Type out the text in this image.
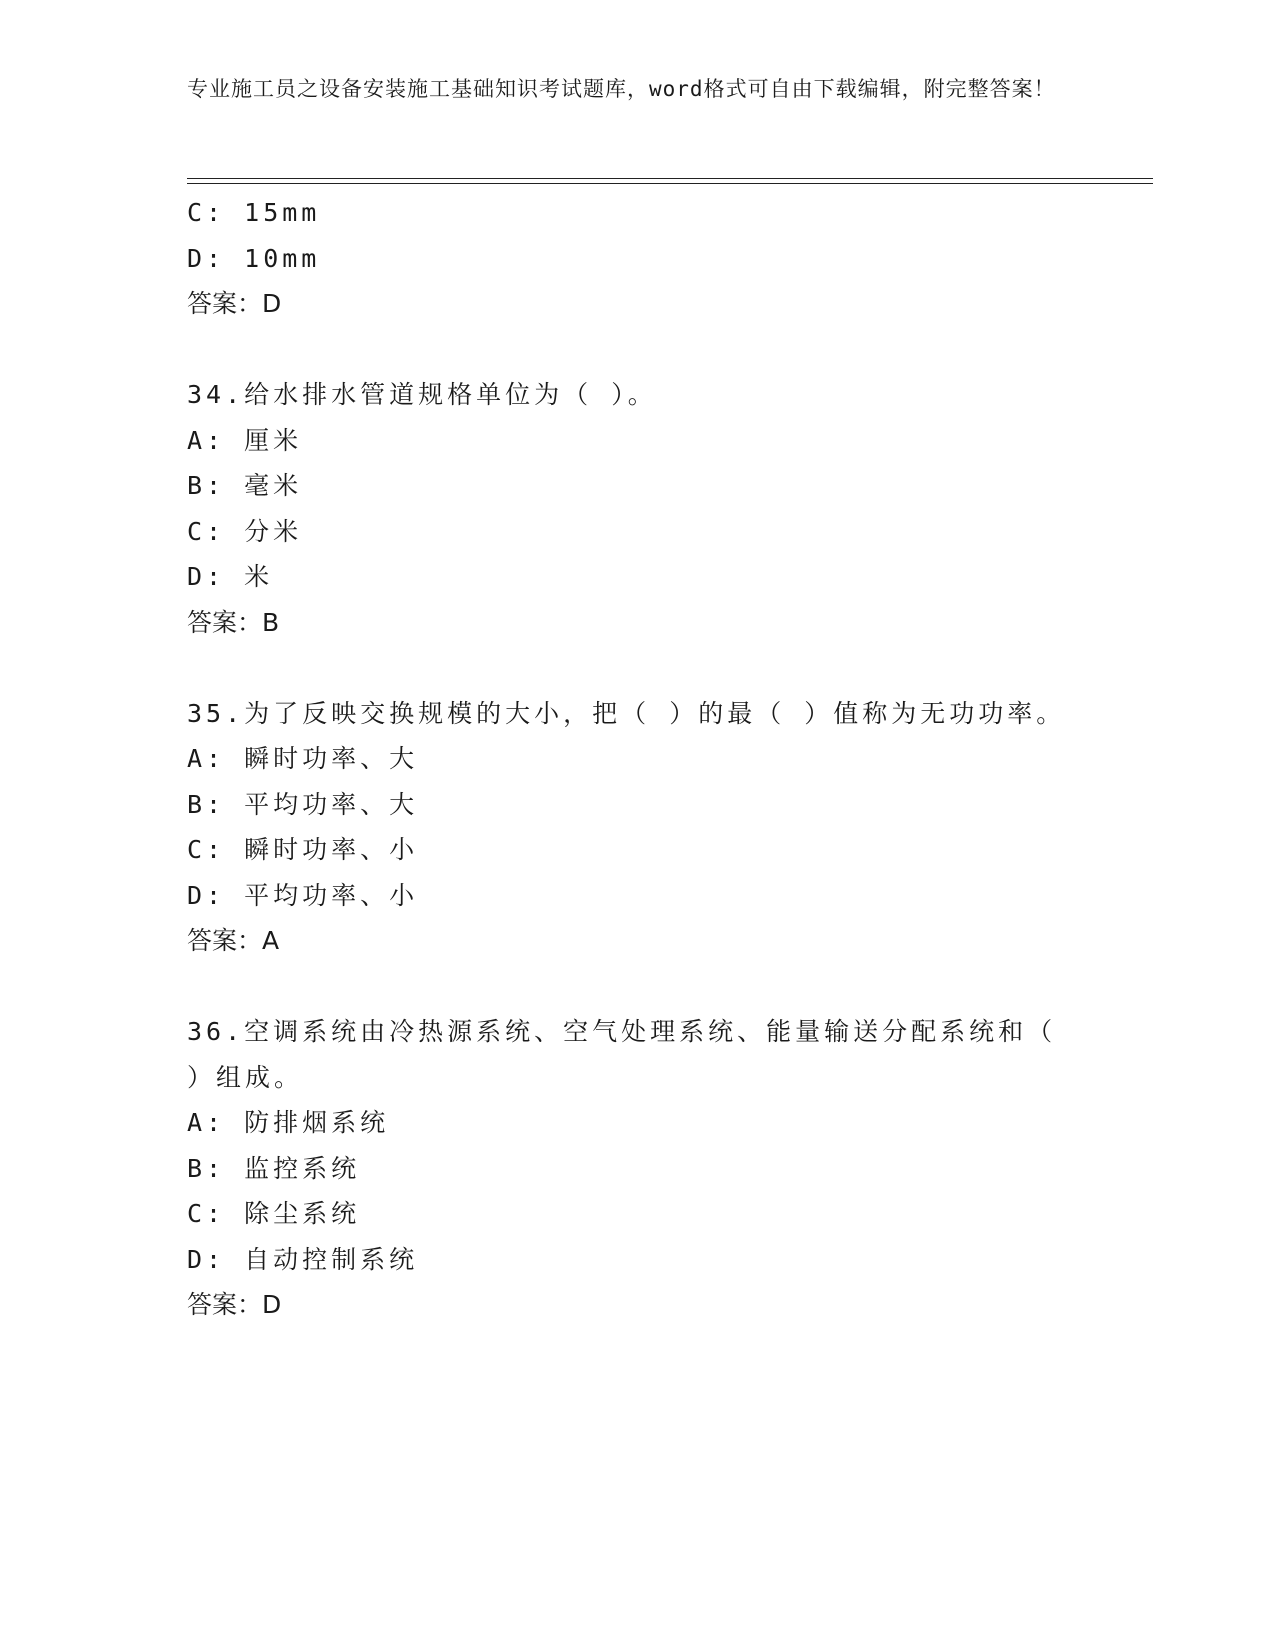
专业施工员之设备安装施工基础知识考试题库，word格式可自由下载编辑，附完整答案！
C: 15mm
D: 10mm
答案：D
34.给水排水管道规格单位为（ ）。
A: 厘米
B: 毫米
C: 分米
D: 米
答案：B
35.为了反映交换规模的大小，把（ ）的最（ ）值称为无功功率。
A: 瞬时功率、大
B: 平均功率、大
C: 瞬时功率、小
D: 平均功率、小
答案：A
36.空调系统由冷热源系统、空气处理系统、能量输送分配系统和（
）组成。
A: 防排烟系统
B: 监控系统
C: 除尘系统
D: 自动控制系统
答案：D
